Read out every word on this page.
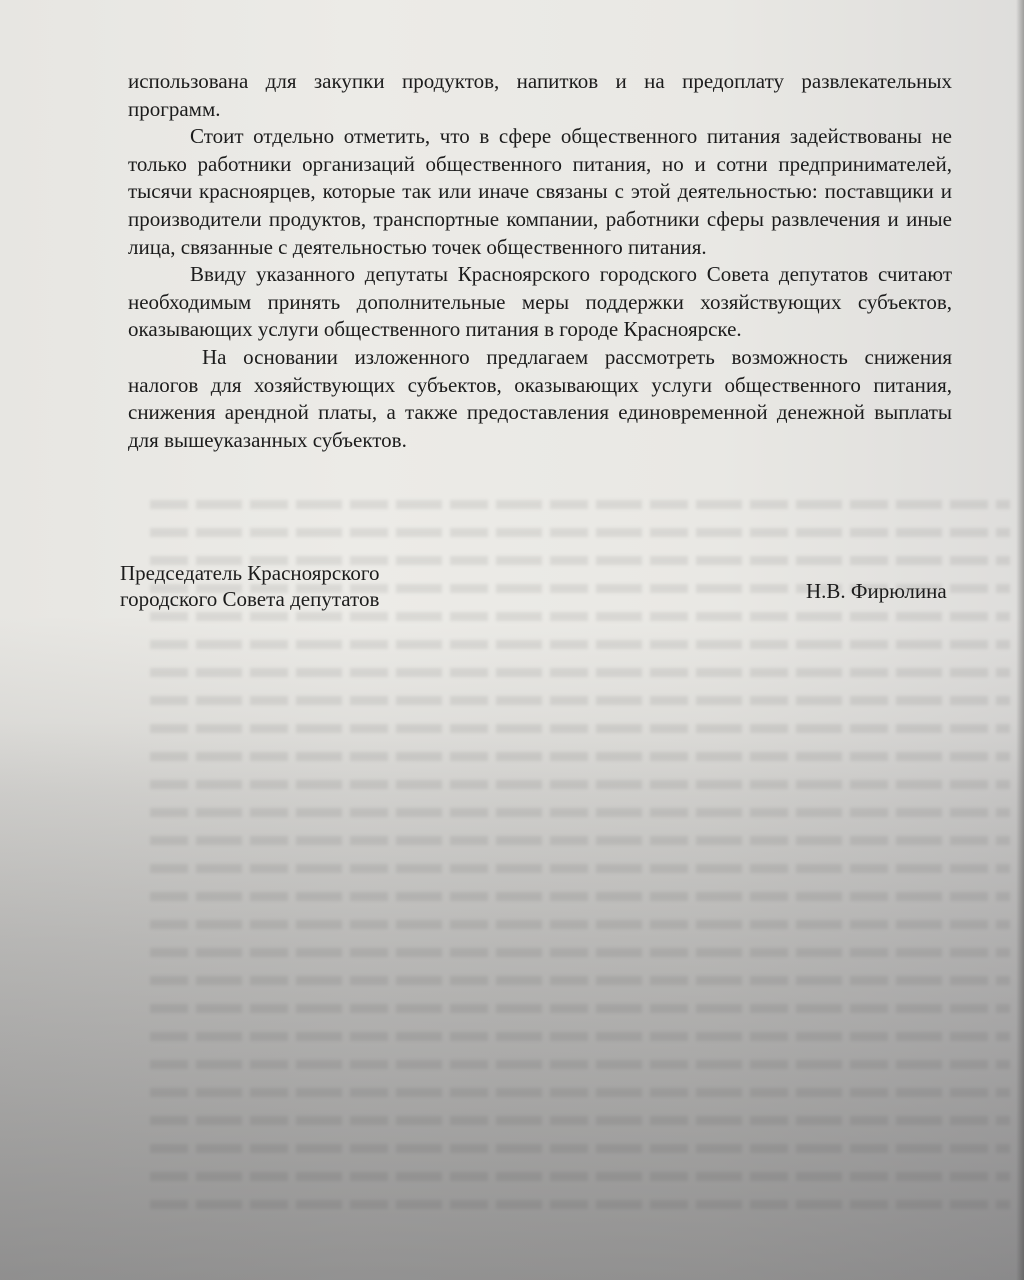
использована для закупки продуктов, напитков и на предоплату развлекательных программ.

Стоит отдельно отметить, что в сфере общественного питания задействованы не только работники организаций общественного питания, но и сотни предпринимателей, тысячи красноярцев, которые так или иначе связаны с этой деятельностью: поставщики и производители продуктов, транспортные компании, работники сферы развлечения и иные лица, связанные с деятельностью точек общественного питания.

Ввиду указанного депутаты Красноярского городского Совета депутатов считают необходимым принять дополнительные меры поддержки хозяйствующих субъектов, оказывающих услуги общественного питания в городе Красноярске.

На основании изложенного предлагаем рассмотреть возможность снижения налогов для хозяйствующих субъектов, оказывающих услуги общественного питания, снижения арендной платы, а также предоставления единовременной денежной выплаты для вышеуказанных субъектов.

Председатель Красноярского
городского Совета депутатов	Н.В. Фирюлина
